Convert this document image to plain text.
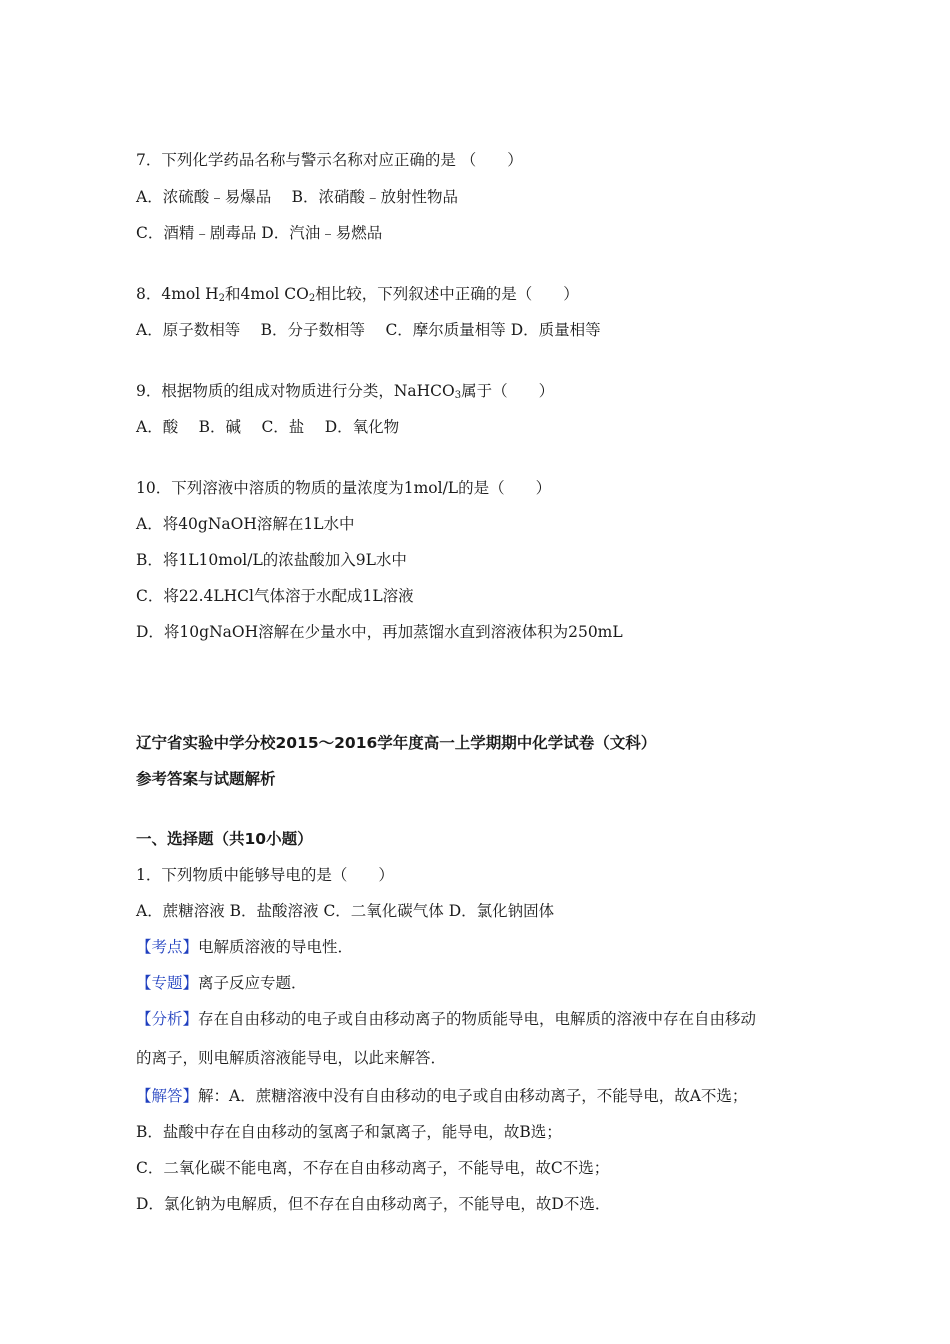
7．下列化学药品名称与警示名称对应正确的是 （　　）
A．浓硫酸﹣易爆品　 B．浓硝酸﹣放射性物品
C．酒精﹣剧毒品 D．汽油﹣易燃品
8．4mol $H_2$和4mol $CO_2$相比较，下列叙述中正确的是（　　）
A．原子数相等　 B．分子数相等　 C．摩尔质量相等 D．质量相等
9．根据物质的组成对物质进行分类，NaHCO$_3$属于（　　）
A．酸　 B．碱　 C．盐　 D．氧化物
10．下列溶液中溶质的物质的量浓度为1mol/L的是（　　）
A．将40gNaOH溶解在1L水中
B．将1L10mol/L的浓盐酸加入9L水中
C．将22.4LHCl气体溶于水配成1L溶液
D．将10gNaOH溶解在少量水中，再加蒸馏水直到溶液体积为250mL
辽宁省实验中学分校2015～2016学年度高一上学期期中化学试卷（文科）
参考答案与试题解析
一、选择题（共10小题）
1．下列物质中能够导电的是（　　）
A．蔗糖溶液 B．盐酸溶液 C．二氧化碳气体 D．氯化钠固体
【考点】电解质溶液的导电性．
【专题】离子反应专题．
【分析】存在自由移动的电子或自由移动离子的物质能导电，电解质的溶液中存在自由移动
的离子，则电解质溶液能导电，以此来解答．
【解答】解：A．蔗糖溶液中没有自由移动的电子或自由移动离子，不能导电，故A不选；
B．盐酸中存在自由移动的氢离子和氯离子，能导电，故B选；
C．二氧化碳不能电离，不存在自由移动离子，不能导电，故C不选；
D．氯化钠为电解质，但不存在自由移动离子，不能导电，故D不选．
